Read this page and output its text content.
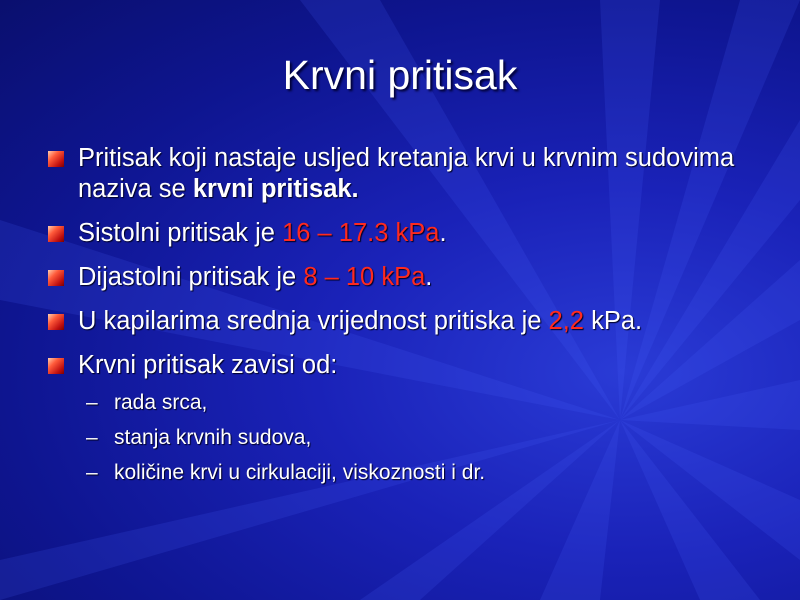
Krvni pritisak
Pritisak koji nastaje usljed kretanja krvi u krvnim sudovima naziva se krvni pritisak.
Sistolni pritisak je 16 – 17.3 kPa.
Dijastolni pritisak je 8 – 10 kPa.
U kapilarima srednja vrijednost pritiska je 2,2 kPa.
Krvni pritisak zavisi od:
– rada srca,
– stanja krvnih sudova,
– količine krvi u cirkulaciji, viskoznosti i dr.
